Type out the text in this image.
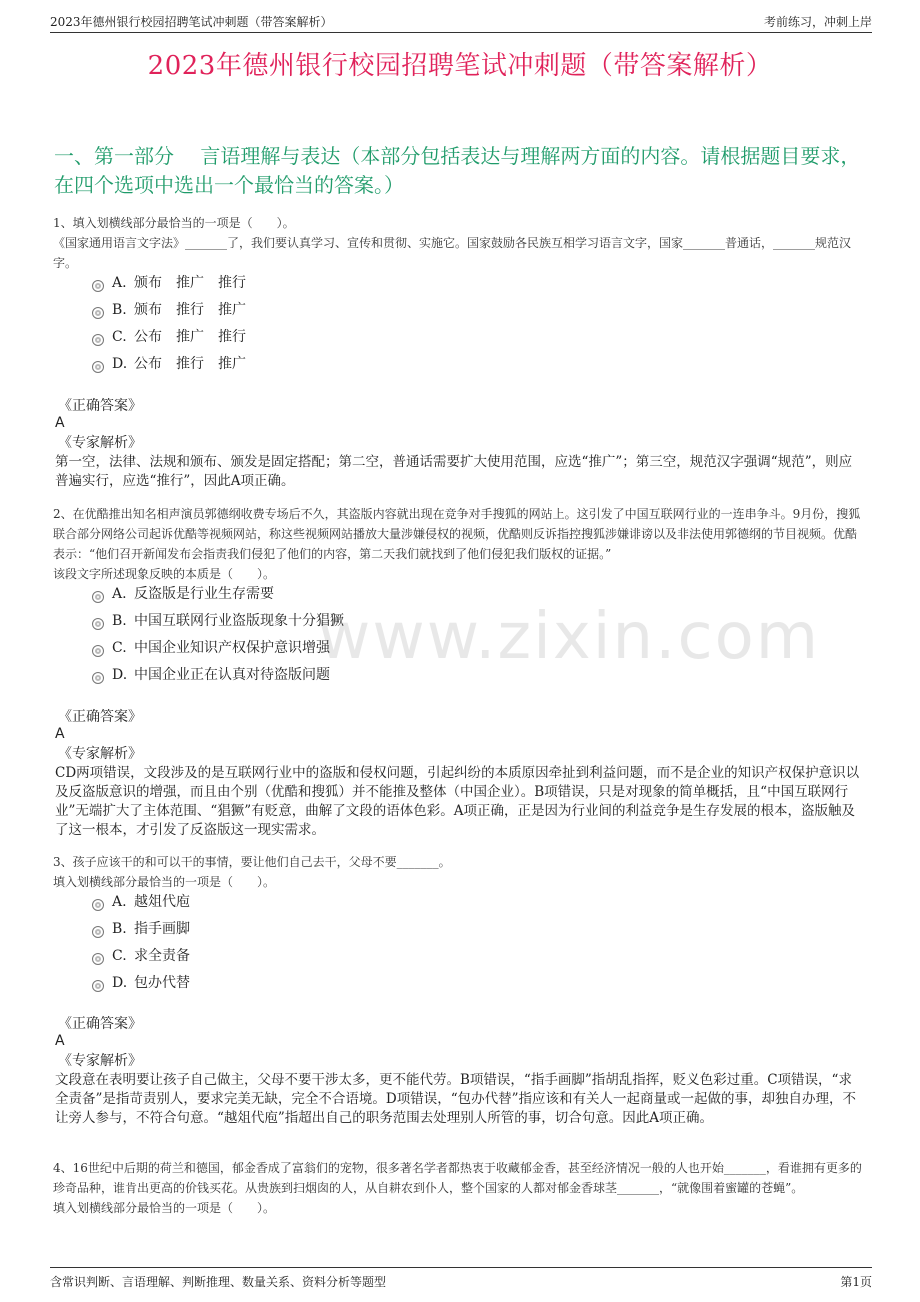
2023年德州银行校园招聘笔试冲刺题（带答案解析）	考前练习，冲刺上岸
www.zixin.com
2023年德州银行校园招聘笔试冲刺题（带答案解析）
一、第一部分　 言语理解与表达（本部分包括表达与理解两方面的内容。请根据题目要求，在四个选项中选出一个最恰当的答案。）
1、填入划横线部分最恰当的一项是（　　）。
《国家通用语言文字法》_______了，我们要认真学习、宣传和贯彻、实施它。国家鼓励各民族互相学习语言文字，国家_______普通话，_______规范汉字。
A. 颁布 推广 推行
B. 颁布 推行 推广
C. 公布 推广 推行
D. 公布 推行 推广
《正确答案》
A
《专家解析》
第一空，法律、法规和颁布、颁发是固定搭配；第二空，普通话需要扩大使用范围，应选“推广”；第三空，规范汉字强调“规范”，则应普遍实行，应选“推行”，因此A项正确。
2、在优酷推出知名相声演员郭德纲收费专场后不久，其盗版内容就出现在竞争对手搜狐的网站上。这引发了中国互联网行业的一连串争斗。9月份，搜狐联合部分网络公司起诉优酷等视频网站，称这些视频网站播放大量涉嫌侵权的视频，优酷则反诉指控搜狐涉嫌诽谤以及非法使用郭德纲的节目视频。优酷表示：“他们召开新闻发布会指责我们侵犯了他们的内容，第二天我们就找到了他们侵犯我们版权的证据。”
该段文字所述现象反映的本质是（　　）。
A. 反盗版是行业生存需要
B. 中国互联网行业盗版现象十分猖獗
C. 中国企业知识产权保护意识增强
D. 中国企业正在认真对待盗版问题
《正确答案》
A
《专家解析》
CD两项错误，文段涉及的是互联网行业中的盗版和侵权问题，引起纠纷的本质原因牵扯到利益问题，而不是企业的知识产权保护意识以及反盗版意识的增强，而且由个别（优酷和搜狐）并不能推及整体（中国企业）。B项错误，只是对现象的简单概括，且“中国互联网行业”无端扩大了主体范围、“猖獗”有贬意，曲解了文段的语体色彩。A项正确，正是因为行业间的利益竞争是生存发展的根本，盗版触及了这一根本，才引发了反盗版这一现实需求。
3、孩子应该干的和可以干的事情，要让他们自己去干，父母不要_______。
填入划横线部分最恰当的一项是（　　）。
A. 越俎代庖
B. 指手画脚
C. 求全责备
D. 包办代替
《正确答案》
A
《专家解析》
文段意在表明要让孩子自己做主，父母不要干涉太多，更不能代劳。B项错误，“指手画脚”指胡乱指挥，贬义色彩过重。C项错误，“求全责备”是指苛责别人，要求完美无缺，完全不合语境。D项错误，“包办代替”指应该和有关人一起商量或一起做的事，却独自办理，不让旁人参与，不符合句意。“越俎代庖”指超出自己的职务范围去处理别人所管的事，切合句意。因此A项正确。
4、16世纪中后期的荷兰和德国，郁金香成了富翁们的宠物，很多著名学者都热衷于收藏郁金香，甚至经济情况一般的人也开始_______，看谁拥有更多的珍奇品种，谁肯出更高的价钱买花。从贵族到扫烟囱的人，从自耕农到仆人，整个国家的人都对郁金香球茎_______，“就像围着蜜罐的苍蝇”。
填入划横线部分最恰当的一项是（　　）。
含常识判断、言语理解、判断推理、数量关系、资料分析等题型	第1页
